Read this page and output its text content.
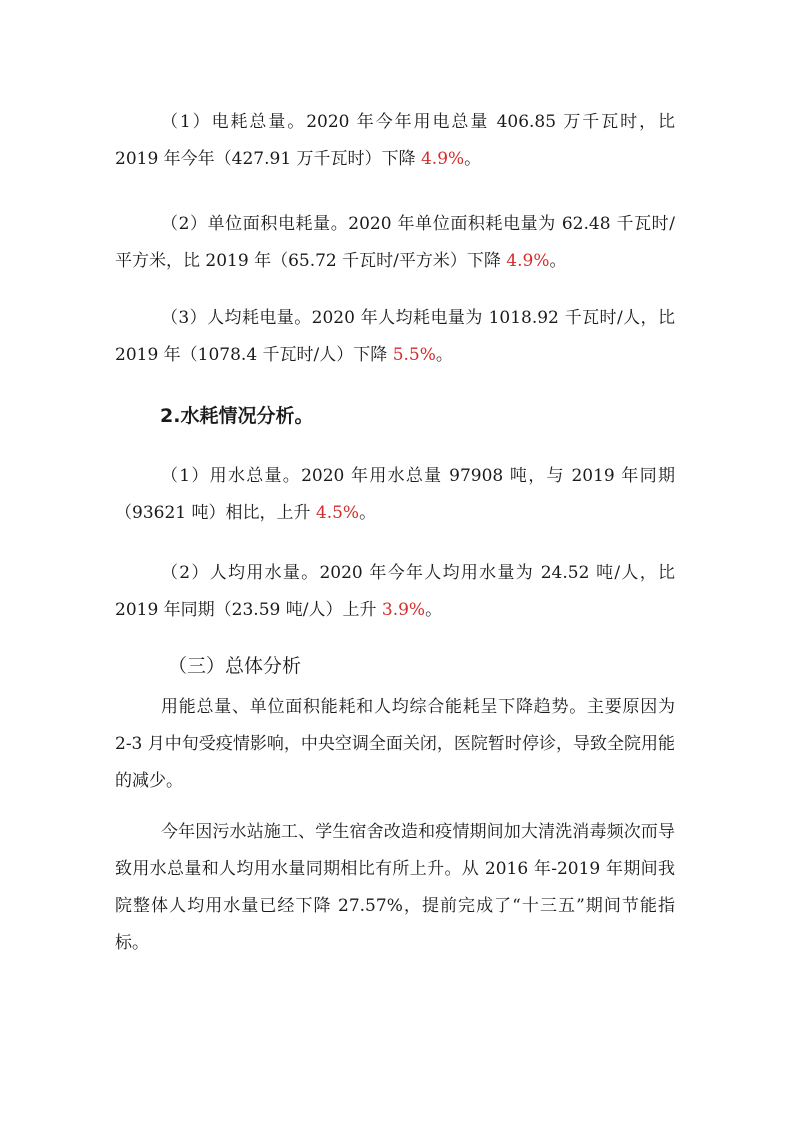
（1）电耗总量。2020 年今年用电总量 406.85 万千瓦时，比 2019 年今年（427.91 万千瓦时）下降 4.9%。

（2）单位面积电耗量。2020 年单位面积耗电量为 62.48 千瓦时/平方米，比 2019 年（65.72 千瓦时/平方米）下降 4.9%。

（3）人均耗电量。2020 年人均耗电量为 1018.92 千瓦时/人，比 2019 年（1078.4 千瓦时/人）下降 5.5%。

2.水耗情况分析。

（1）用水总量。2020 年用水总量 97908 吨，与 2019 年同期（93621 吨）相比，上升 4.5%。

（2）人均用水量。2020 年今年人均用水量为 24.52 吨/人，比 2019 年同期（23.59 吨/人）上升 3.9%。

（三）总体分析

用能总量、单位面积能耗和人均综合能耗呈下降趋势。主要原因为 2-3 月中旬受疫情影响，中央空调全面关闭，医院暂时停诊，导致全院用能的减少。

今年因污水站施工、学生宿舍改造和疫情期间加大清洗消毒频次而导致用水总量和人均用水量同期相比有所上升。从 2016 年-2019 年期间我院整体人均用水量已经下降 27.57%，提前完成了“十三五”期间节能指标。
